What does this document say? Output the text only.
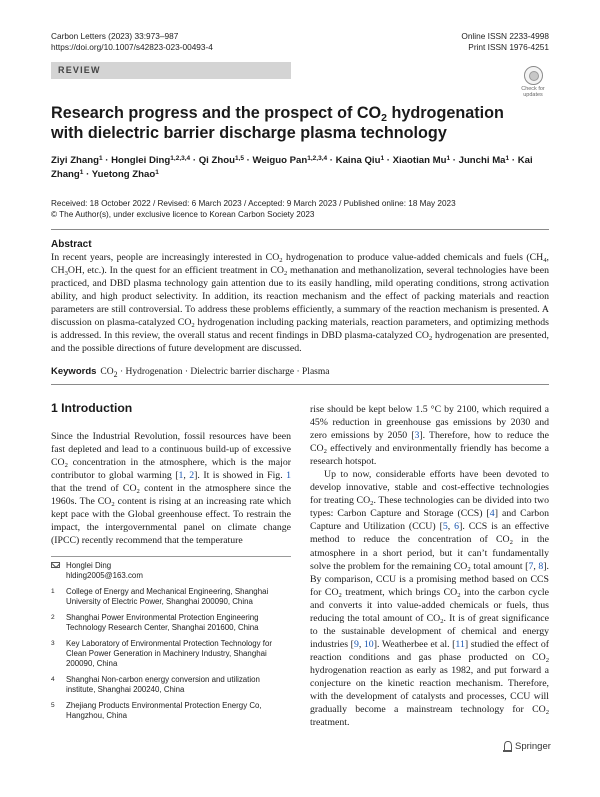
Carbon Letters (2023) 33:973–987
https://doi.org/10.1007/s42823-023-00493-4
Online ISSN 2233-4998
Print ISSN 1976-4251
REVIEW
Check for
updates
Research progress and the prospect of $CO_2$ hydrogenation
with dielectric barrier discharge plasma technology
Ziyi Zhang$^1$ · Honglei Ding$^{1,2,3,4}$ · Qi Zhou$^{1,5}$ · Weiguo Pan$^{1,2,3,4}$ · Kaina Qiu$^1$ · Xiaotian $Mu^1$ · Junchi $Ma^1$ · Kai Zhang$^1$ · Yuetong Zhao$^1$
Received: 18 October 2022 / Revised: 6 March 2023 / Accepted: 9 March 2023 / Published online: 18 May 2023
© The Author(s), under exclusive licence to Korean Carbon Society 2023
Abstract
In recent years, people are increasingly interested in $CO_2$ hydrogenation to produce value-added chemicals and fuels ($CH_4$, $CH_3OH$, etc.). In the quest for an efficient treatment in $CO_2$ methanation and methanolization, several technologies have been practiced, and DBD plasma technology gain attention due to its easily handling, mild operating conditions, strong activation ability, and high product selectivity. In addition, its reaction mechanism and the effect of packing materials and reaction parameters are still controversial. To address these problems efficiently, a summary of the reaction mechanism is presented. A discussion on plasma-catalyzed $CO_2$ hydrogenation including packing materials, reaction parameters, and optimizing methods is addressed. In this review, the overall status and recent findings in DBD plasma-catalyzed $CO_2$ hydrogenation are presented, and the possible directions of future development are discussed.
Keywords $CO_2$ · Hydrogenation · Dielectric barrier discharge · Plasma
1 Introduction

Since the Industrial Revolution, fossil resources have been fast depleted and lead to a continuous build-up of excessive $CO_2$ concentration in the atmosphere, which is the major contributor to global warming [1, 2]. It is showed in Fig. 1 that the trend of $CO_2$ content in the atmosphere since the 1960s. The $CO_2$ content is rising at an increasing rate which kept pace with the Global greenhouse effect. To restrain the impact, the intergovernmental panel on climate change (IPCC) recently recommend that the temperature

rise should be kept below 1.5 °C by 2100, which required a 45% reduction in greenhouse gas emissions by 2030 and zero emissions by 2050 [3]. Therefore, how to reduce the $CO_2$ effectively and environmentally friendly has become a research hotspot.

Up to now, considerable efforts have been devoted to develop innovative, stable and cost-effective technologies for treating $CO_2$. These technologies can be divided into two types: Carbon Capture and Storage (CCS) [4] and Carbon Capture and Utilization (CCU) [5, 6]. CCS is an effective method to reduce the concentration of $CO_2$ in the atmosphere in a short period, but it can’t fundamentally solve the problem for the remaining $CO_2$ total amount [7, 8]. By comparison, CCU is a promising method based on CCS for $CO_2$ treatment, which brings $CO_2$ into the carbon cycle and converts it into value-added chemicals or fuels, thus reducing the total amount of $CO_2$. It is of great significance to the sustainable development of chemical and energy industries [9, 10]. Weatherbee et al. [11] studied the effect of reaction conditions and gas phase producted on $CO_2$ hydrogenation reaction as early as 1982, and put forward a conjecture on the kinetic reaction mechanism. Therefore, with the development of catalysts and processes, CCU will gradually become a mainstream technology for $CO_2$ treatment.

Honglei Ding
hlding2005@163.com
1 College of Energy and Mechanical Engineering, Shanghai University of Electric Power, Shanghai 200090, China
2 Shanghai Power Environmental Protection Engineering Technology Research Center, Shanghai 201600, China
3 Key Laboratory of Environmental Protection Technology for Clean Power Generation in Machinery Industry, Shanghai 200090, China
4 Shanghai Non-carbon energy conversion and utilization institute, Shanghai 200240, China
5 Zhejiang Products Environmental Protection Energy Co, Hangzhou, China
Springer
